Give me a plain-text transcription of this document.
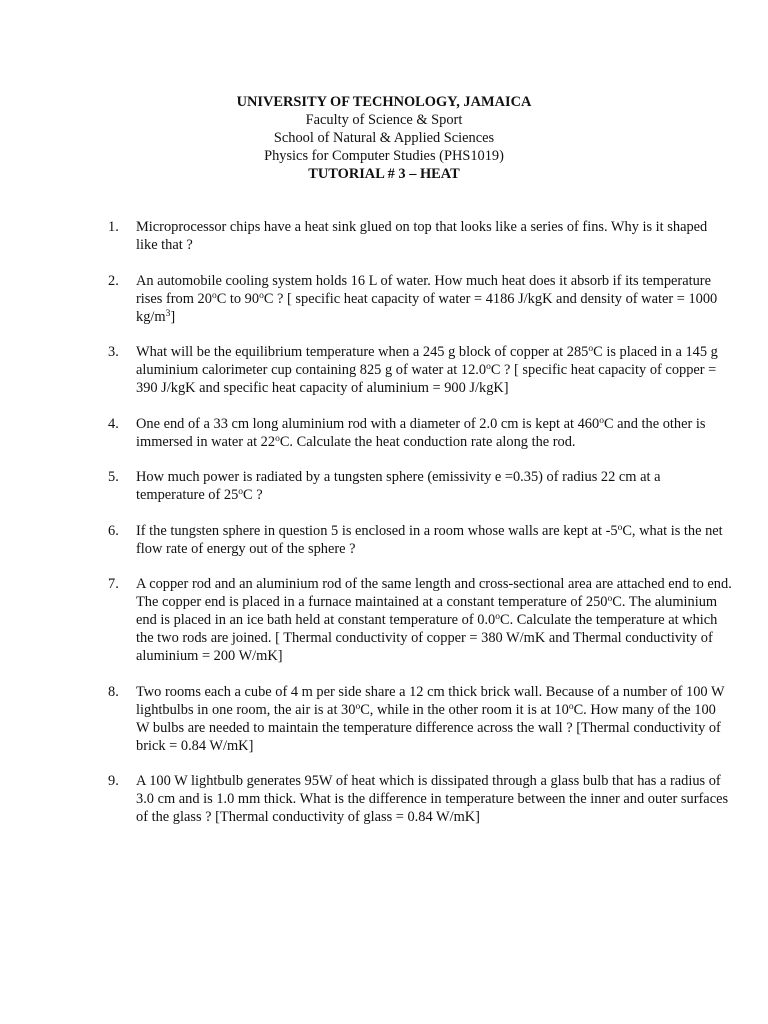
UNIVERSITY OF TECHNOLOGY, JAMAICA
Faculty of Science & Sport
School of Natural & Applied Sciences
Physics for Computer Studies (PHS1019)
TUTORIAL # 3 – HEAT
1. Microprocessor chips have a heat sink glued on top that looks like a series of fins. Why is it shaped like that ?
2. An automobile cooling system holds 16 L of water. How much heat does it absorb if its temperature rises from 20$^o$C to 90$^o$C ? [ specific heat capacity of water = 4186 J/kgK and density of water = 1000 $kg/m^3$]
3. What will be the equilibrium temperature when a 245 g block of copper at 285$^o$C is placed in a 145 g aluminium calorimeter cup containing 825 g of water at 12.0$^o$C ? [ specific heat capacity of copper = 390 J/kgK and specific heat capacity of aluminium = 900 J/kgK]
4. One end of a 33 cm long aluminium rod with a diameter of 2.0 cm is kept at 460$^o$C and the other is immersed in water at 22$^o$C. Calculate the heat conduction rate along the rod.
5. How much power is radiated by a tungsten sphere (emissivity e =0.35) of radius 22 cm at a temperature of 25$^o$C ?
6. If the tungsten sphere in question 5 is enclosed in a room whose walls are kept at -5$^o$C, what is the net flow rate of energy out of the sphere ?
7. A copper rod and an aluminium rod of the same length and cross-sectional area are attached end to end. The copper end is placed in a furnace maintained at a constant temperature of 250$^o$C. The aluminium end is placed in an ice bath held at constant temperature of 0.0$^o$C. Calculate the temperature at which the two rods are joined. [ Thermal conductivity of copper = 380 W/mK and Thermal conductivity of aluminium = 200 W/mK]
8. Two rooms each a cube of 4 m per side share a 12 cm thick brick wall. Because of a number of 100 W lightbulbs in one room, the air is at 30$^o$C, while in the other room it is at 10$^o$C. How many of the 100 W bulbs are needed to maintain the temperature difference across the wall ? [Thermal conductivity of brick = 0.84 W/mK]
9. A 100 W lightbulb generates 95W of heat which is dissipated through a glass bulb that has a radius of 3.0 cm and is 1.0 mm thick. What is the difference in temperature between the inner and outer surfaces of the glass ? [Thermal conductivity of glass = 0.84 W/mK]
